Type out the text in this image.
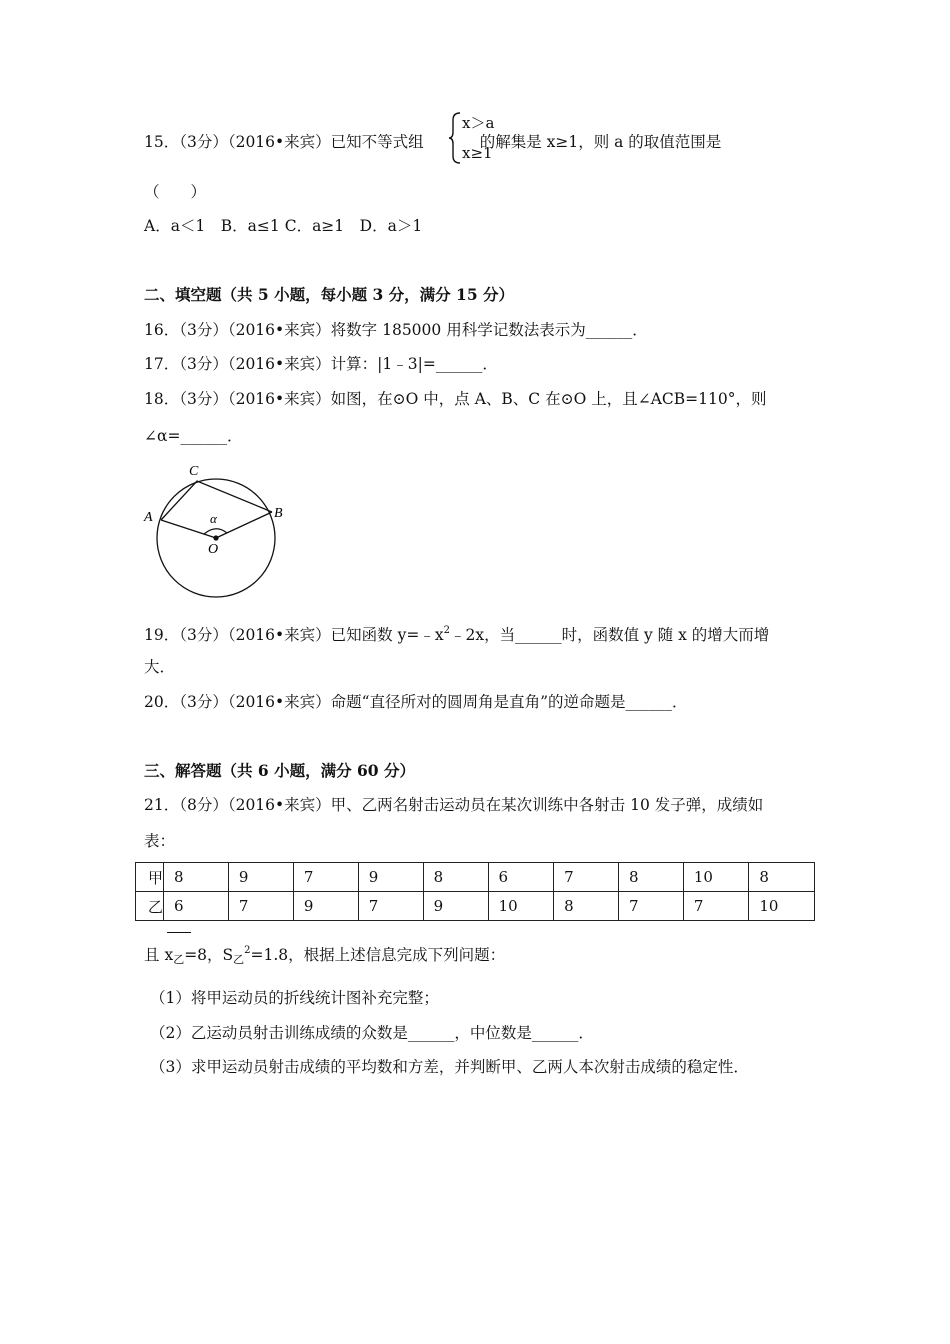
15．（3分）（2016•来宾）已知不等式组	的解集是 x≥1，则 a 的取值范围是
x＞a
x≥1
（　　）
A．a＜1　B．a≤1 C．a≥1　D．a＞1
二、填空题（共 5 小题，每小题 3 分，满分 15 分）
16．（3分）（2016•来宾）将数字 185000 用科学记数法表示为______．
17．（3分）（2016•来宾）计算：|1﹣3|=______．
18．（3分）（2016•来宾）如图，在⊙O 中，点 A、B、C 在⊙O 上，且∠ACB=110°，则
∠α=______．
A
C
B
O
α
19．（3分）（2016•来宾）已知函数 $y=﹣x^2﹣2x$，当______时，函数值 y 随 x 的增大而增
大．
20．（3分）（2016•来宾）命题“直径所对的圆周角是直角”的逆命题是______．
三、解答题（共 6 小题，满分 60 分）
21．（8分）（2016•来宾）甲、乙两名射击运动员在某次训练中各射击 10 发子弹，成绩如
表：
甲	8	9	7	9	8	6	7	8	10	8
乙	6	7	9	7	9	10	8	7	7	10
且 $x_乙=8$，$S_乙^2=1.8$，根据上述信息完成下列问题：
（1）将甲运动员的折线统计图补充完整；
（2）乙运动员射击训练成绩的众数是______，中位数是______．
（3）求甲运动员射击成绩的平均数和方差，并判断甲、乙两人本次射击成绩的稳定性．
